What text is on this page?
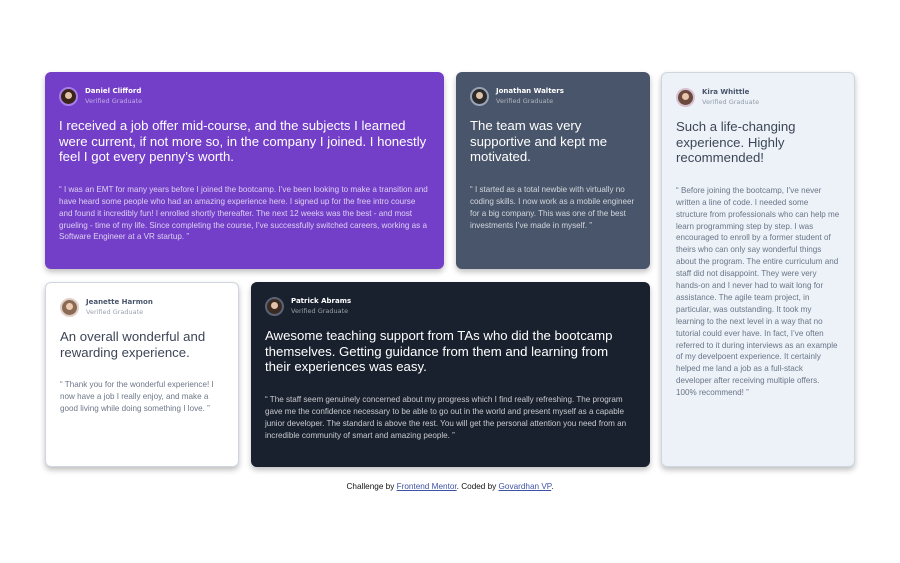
Daniel Clifford
Verified Graduate

I received a job offer mid-course, and the subjects I learned were current, if not more so, in the company I joined. I honestly feel I got every penny’s worth.

“ I was an EMT for many years before I joined the bootcamp. I’ve been looking to make a transition and have heard some people who had an amazing experience here. I signed up for the free intro course and found it incredibly fun! I enrolled shortly thereafter. The next 12 weeks was the best - and most grueling - time of my life. Since completing the course, I’ve successfully switched careers, working as a Software Engineer at a VR startup. ”

Jonathan Walters
Verified Graduate

The team was very supportive and kept me motivated.

“ I started as a total newbie with virtually no coding skills. I now work as a mobile engineer for a big company. This was one of the best investments I’ve made in myself. ”

Kira Whittle
Verified Graduate

Such a life-changing experience. Highly recommended!

“ Before joining the bootcamp, I’ve never written a line of code. I needed some structure from professionals who can help me learn programming step by step. I was encouraged to enroll by a former student of theirs who can only say wonderful things about the program. The entire curriculum and staff did not disappoint. They were very hands-on and I never had to wait long for assistance. The agile team project, in particular, was outstanding. It took my learning to the next level in a way that no tutorial could ever have. In fact, I’ve often referred to it during interviews as an example of my develpoent experience. It certainly helped me land a job as a full-stack developer after receiving multiple offers. 100% recommend! ”

Jeanette Harmon
Verified Graduate

An overall wonderful and rewarding experience.

“ Thank you for the wonderful experience! I now have a job I really enjoy, and make a good living while doing something I love. ”

Patrick Abrams
Verified Graduate

Awesome teaching support from TAs who did the bootcamp themselves. Getting guidance from them and learning from their experiences was easy.

“ The staff seem genuinely concerned about my progress which I find really refreshing. The program gave me the confidence necessary to be able to go out in the world and present myself as a capable junior developer. The standard is above the rest. You will get the personal attention you need from an incredible community of smart and amazing people. ”

Challenge by Frontend Mentor. Coded by Govardhan VP.
